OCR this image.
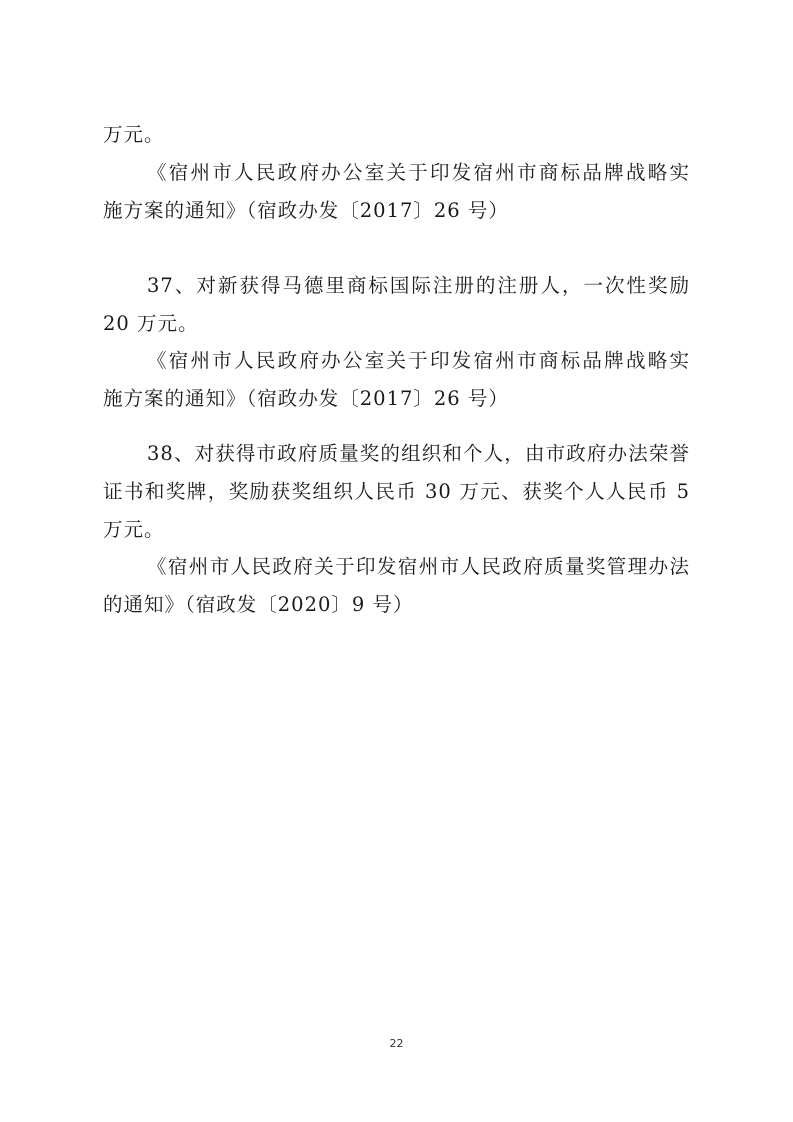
万元。
《宿州市人民政府办公室关于印发宿州市商标品牌战略实
施方案的通知》（宿政办发〔2017〕26 号）
37、对新获得马德里商标国际注册的注册人，一次性奖励
20 万元。
《宿州市人民政府办公室关于印发宿州市商标品牌战略实
施方案的通知》（宿政办发〔2017〕26 号）
38、对获得市政府质量奖的组织和个人，由市政府办法荣誉
证书和奖牌，奖励获奖组织人民币 30 万元、获奖个人人民币 5
万元。
《宿州市人民政府关于印发宿州市人民政府质量奖管理办法
的通知》（宿政发〔2020〕9 号）
22
